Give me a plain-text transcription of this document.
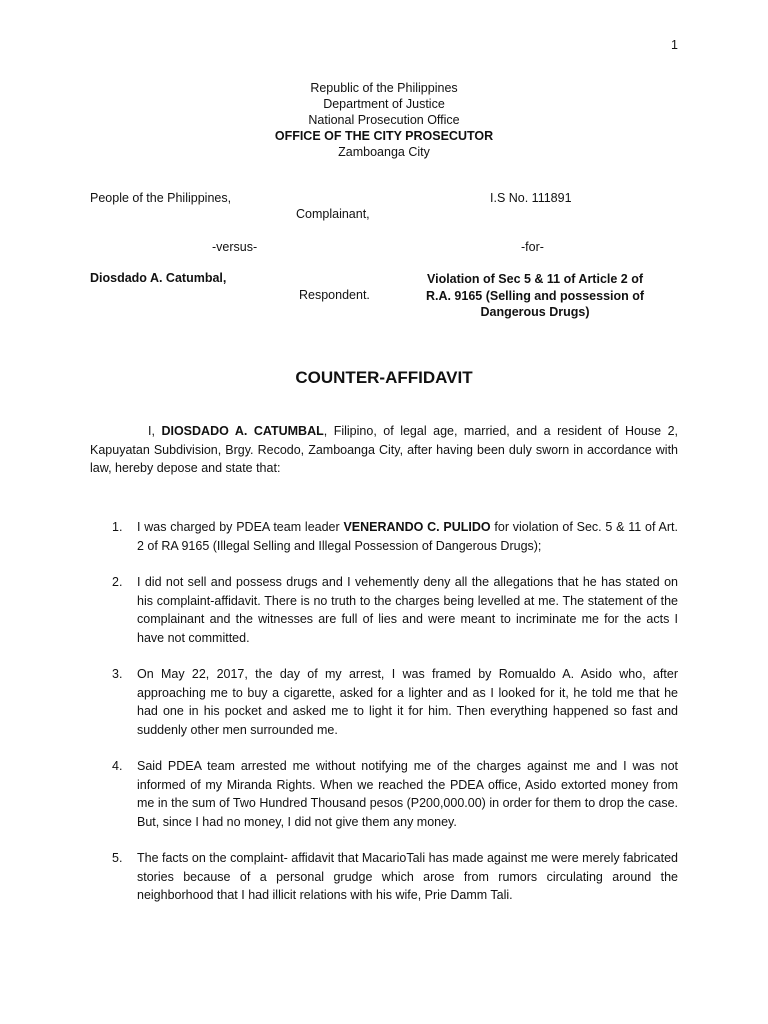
1
Republic of the Philippines
Department of Justice
National Prosecution Office
OFFICE OF THE CITY PROSECUTOR
Zamboanga City
People of the Philippines,
Complainant,
I.S No. 111891
-versus-	-for-
Diosdado A. Catumbal,
Respondent.
Violation of Sec 5 & 11 of Article 2 of
R.A. 9165 (Selling and possession of
Dangerous Drugs)
COUNTER-AFFIDAVIT
I, DIOSDADO A. CATUMBAL, Filipino, of legal age, married, and a resident of House 2, Kapuyatan Subdivision, Brgy. Recodo, Zamboanga City, after having been duly sworn in accordance with law, hereby depose and state that:
1. I was charged by PDEA team leader VENERANDO C. PULIDO for violation of Sec. 5 & 11 of Art. 2 of RA 9165 (Illegal Selling and Illegal Possession of Dangerous Drugs);
2. I did not sell and possess drugs and I vehemently deny all the allegations that he has stated on his complaint-affidavit. There is no truth to the charges being levelled at me. The statement of the complainant and the witnesses are full of lies and were meant to incriminate me for the acts I have not committed.
3. On May 22, 2017, the day of my arrest, I was framed by Romualdo A. Asido who, after approaching me to buy a cigarette, asked for a lighter and as I looked for it, he told me that he had one in his pocket and asked me to light it for him. Then everything happened so fast and suddenly other men surrounded me.
4. Said PDEA team arrested me without notifying me of the charges against me and I was not informed of my Miranda Rights. When we reached the PDEA office, Asido extorted money from me in the sum of Two Hundred Thousand pesos (P200,000.00) in order for them to drop the case. But, since I had no money, I did not give them any money.
5. The facts on the complaint- affidavit that MacarioTali has made against me were merely fabricated stories because of a personal grudge which arose from rumors circulating around the neighborhood that I had illicit relations with his wife, Prie Damm Tali.
